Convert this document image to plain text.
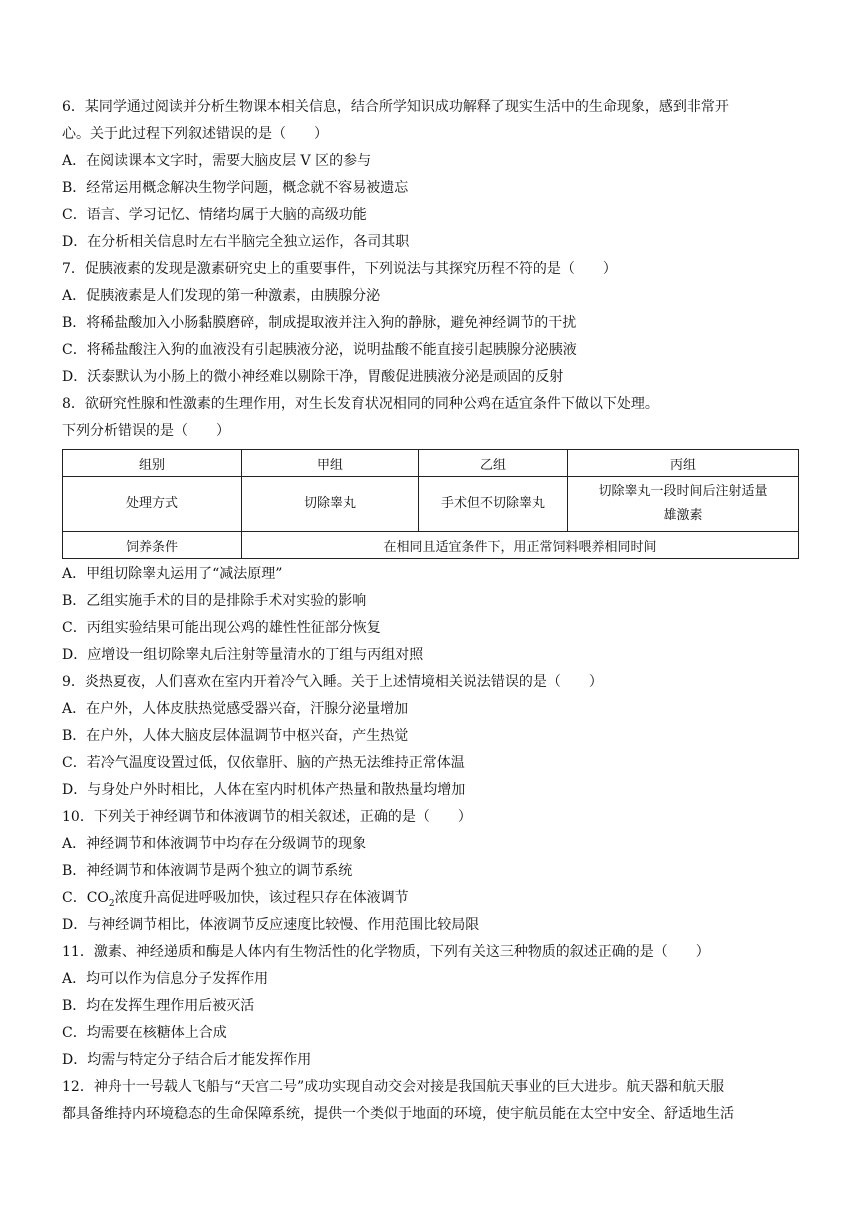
6．某同学通过阅读并分析生物课本相关信息，结合所学知识成功解释了现实生活中的生命现象，感到非常开
心。关于此过程下列叙述错误的是（　　）
A．在阅读课本文字时，需要大脑皮层 V 区的参与
B．经常运用概念解决生物学问题，概念就不容易被遗忘
C．语言、学习记忆、情绪均属于大脑的高级功能
D．在分析相关信息时左右半脑完全独立运作，各司其职
7．促胰液素的发现是激素研究史上的重要事件，下列说法与其探究历程不符的是（　　）
A．促胰液素是人们发现的第一种激素，由胰腺分泌
B．将稀盐酸加入小肠黏膜磨碎，制成提取液并注入狗的静脉，避免神经调节的干扰
C．将稀盐酸注入狗的血液没有引起胰液分泌，说明盐酸不能直接引起胰腺分泌胰液
D．沃泰默认为小肠上的微小神经难以剔除干净，胃酸促进胰液分泌是顽固的反射
8．欲研究性腺和性激素的生理作用，对生长发育状况相同的同种公鸡在适宜条件下做以下处理。
下列分析错误的是（　　）
组别	甲组	乙组	丙组
处理方式	切除睾丸	手术但不切除睾丸	切除睾丸一段时间后注射适量
雄激素

饲养条件	在相同且适宜条件下，用正常饲料喂养相同时间		
A．甲组切除睾丸运用了“减法原理”
B．乙组实施手术的目的是排除手术对实验的影响
C．丙组实验结果可能出现公鸡的雄性性征部分恢复
D．应增设一组切除睾丸后注射等量清水的丁组与丙组对照
9．炎热夏夜，人们喜欢在室内开着冷气入睡。关于上述情境相关说法错误的是（　　）
A．在户外，人体皮肤热觉感受器兴奋，汗腺分泌量增加
B．在户外，人体大脑皮层体温调节中枢兴奋，产生热觉
C．若冷气温度设置过低，仅依靠肝、脑的产热无法维持正常体温
D．与身处户外时相比，人体在室内时机体产热量和散热量均增加
10．下列关于神经调节和体液调节的相关叙述，正确的是（　　）
A．神经调节和体液调节中均存在分级调节的现象
B．神经调节和体液调节是两个独立的调节系统
C．$CO_2$浓度升高促进呼吸加快，该过程只存在体液调节
D．与神经调节相比，体液调节反应速度比较慢、作用范围比较局限
11．激素、神经递质和酶是人体内有生物活性的化学物质，下列有关这三种物质的叙述正确的是（　　）
A．均可以作为信息分子发挥作用
B．均在发挥生理作用后被灭活
C．均需要在核糖体上合成
D．均需与特定分子结合后才能发挥作用
12．神舟十一号载人飞船与“天宫二号”成功实现自动交会对接是我国航天事业的巨大进步。航天器和航天服
都具备维持内环境稳态的生命保障系统，提供一个类似于地面的环境，使宇航员能在太空中安全、舒适地生活
